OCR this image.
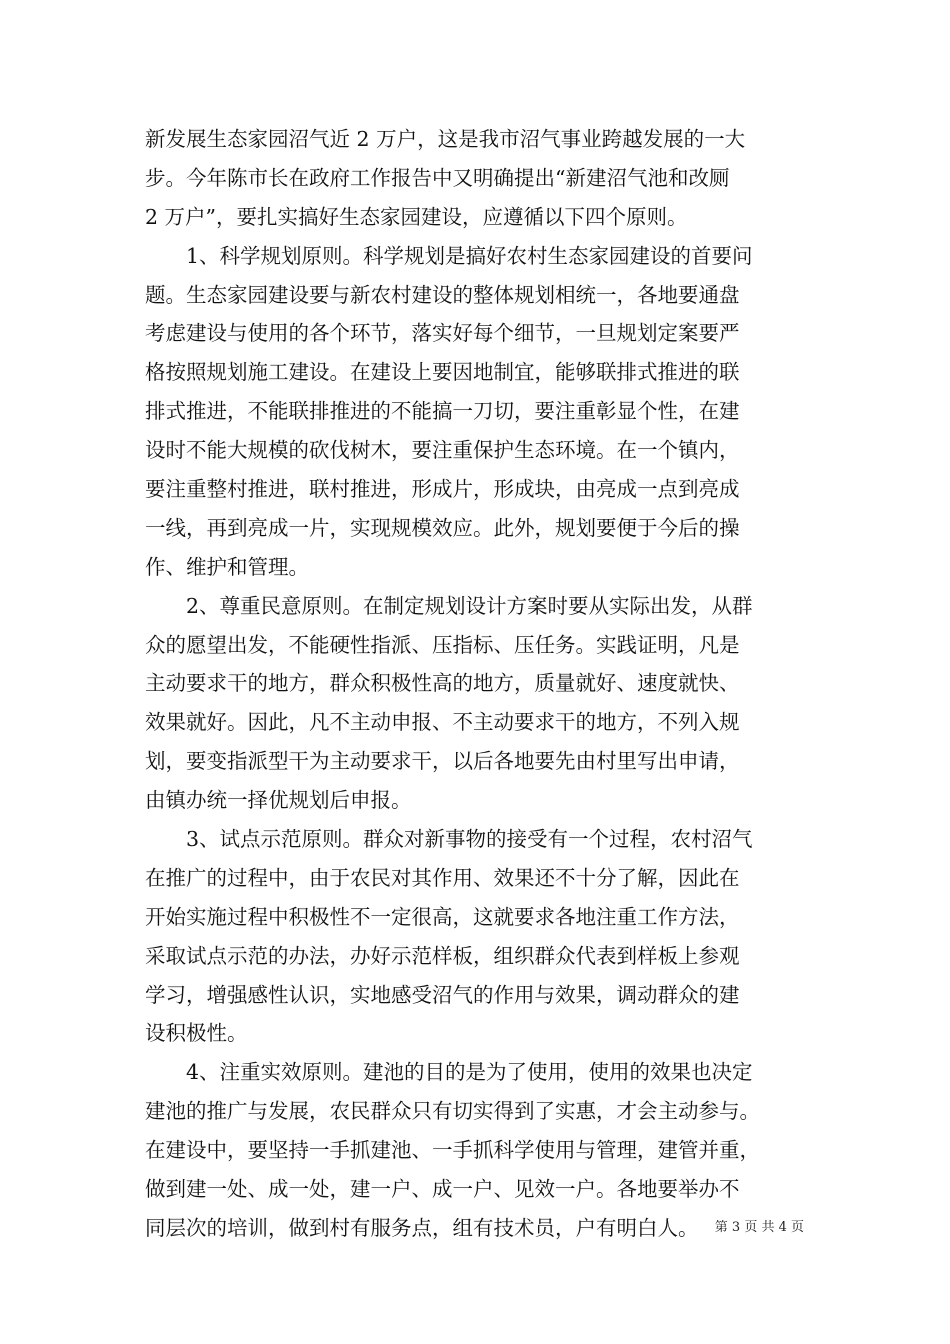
新发展生态家园沼气近 2 万户，这是我市沼气事业跨越发展的一大
步。今年陈市长在政府工作报告中又明确提出“新建沼气池和改厕
2 万户”，要扎实搞好生态家园建设，应遵循以下四个原则。
1、科学规划原则。科学规划是搞好农村生态家园建设的首要问
题。生态家园建设要与新农村建设的整体规划相统一，各地要通盘
考虑建设与使用的各个环节，落实好每个细节，一旦规划定案要严
格按照规划施工建设。在建设上要因地制宜，能够联排式推进的联
排式推进，不能联排推进的不能搞一刀切，要注重彰显个性，在建
设时不能大规模的砍伐树木，要注重保护生态环境。在一个镇内，
要注重整村推进，联村推进，形成片，形成块，由亮成一点到亮成
一线，再到亮成一片，实现规模效应。此外，规划要便于今后的操
作、维护和管理。
2、尊重民意原则。在制定规划设计方案时要从实际出发，从群
众的愿望出发，不能硬性指派、压指标、压任务。实践证明，凡是
主动要求干的地方，群众积极性高的地方，质量就好、速度就快、
效果就好。因此，凡不主动申报、不主动要求干的地方，不列入规
划，要变指派型干为主动要求干，以后各地要先由村里写出申请，
由镇办统一择优规划后申报。
3、试点示范原则。群众对新事物的接受有一个过程，农村沼气
在推广的过程中，由于农民对其作用、效果还不十分了解，因此在
开始实施过程中积极性不一定很高，这就要求各地注重工作方法，
采取试点示范的办法，办好示范样板，组织群众代表到样板上参观
学习，增强感性认识，实地感受沼气的作用与效果，调动群众的建
设积极性。
4、注重实效原则。建池的目的是为了使用，使用的效果也决定
建池的推广与发展，农民群众只有切实得到了实惠，才会主动参与。
在建设中，要坚持一手抓建池、一手抓科学使用与管理，建管并重，
做到建一处、成一处，建一户、成一户、见效一户。各地要举办不
同层次的培训，做到村有服务点，组有技术员，户有明白人。	第 3 页 共 4 页
